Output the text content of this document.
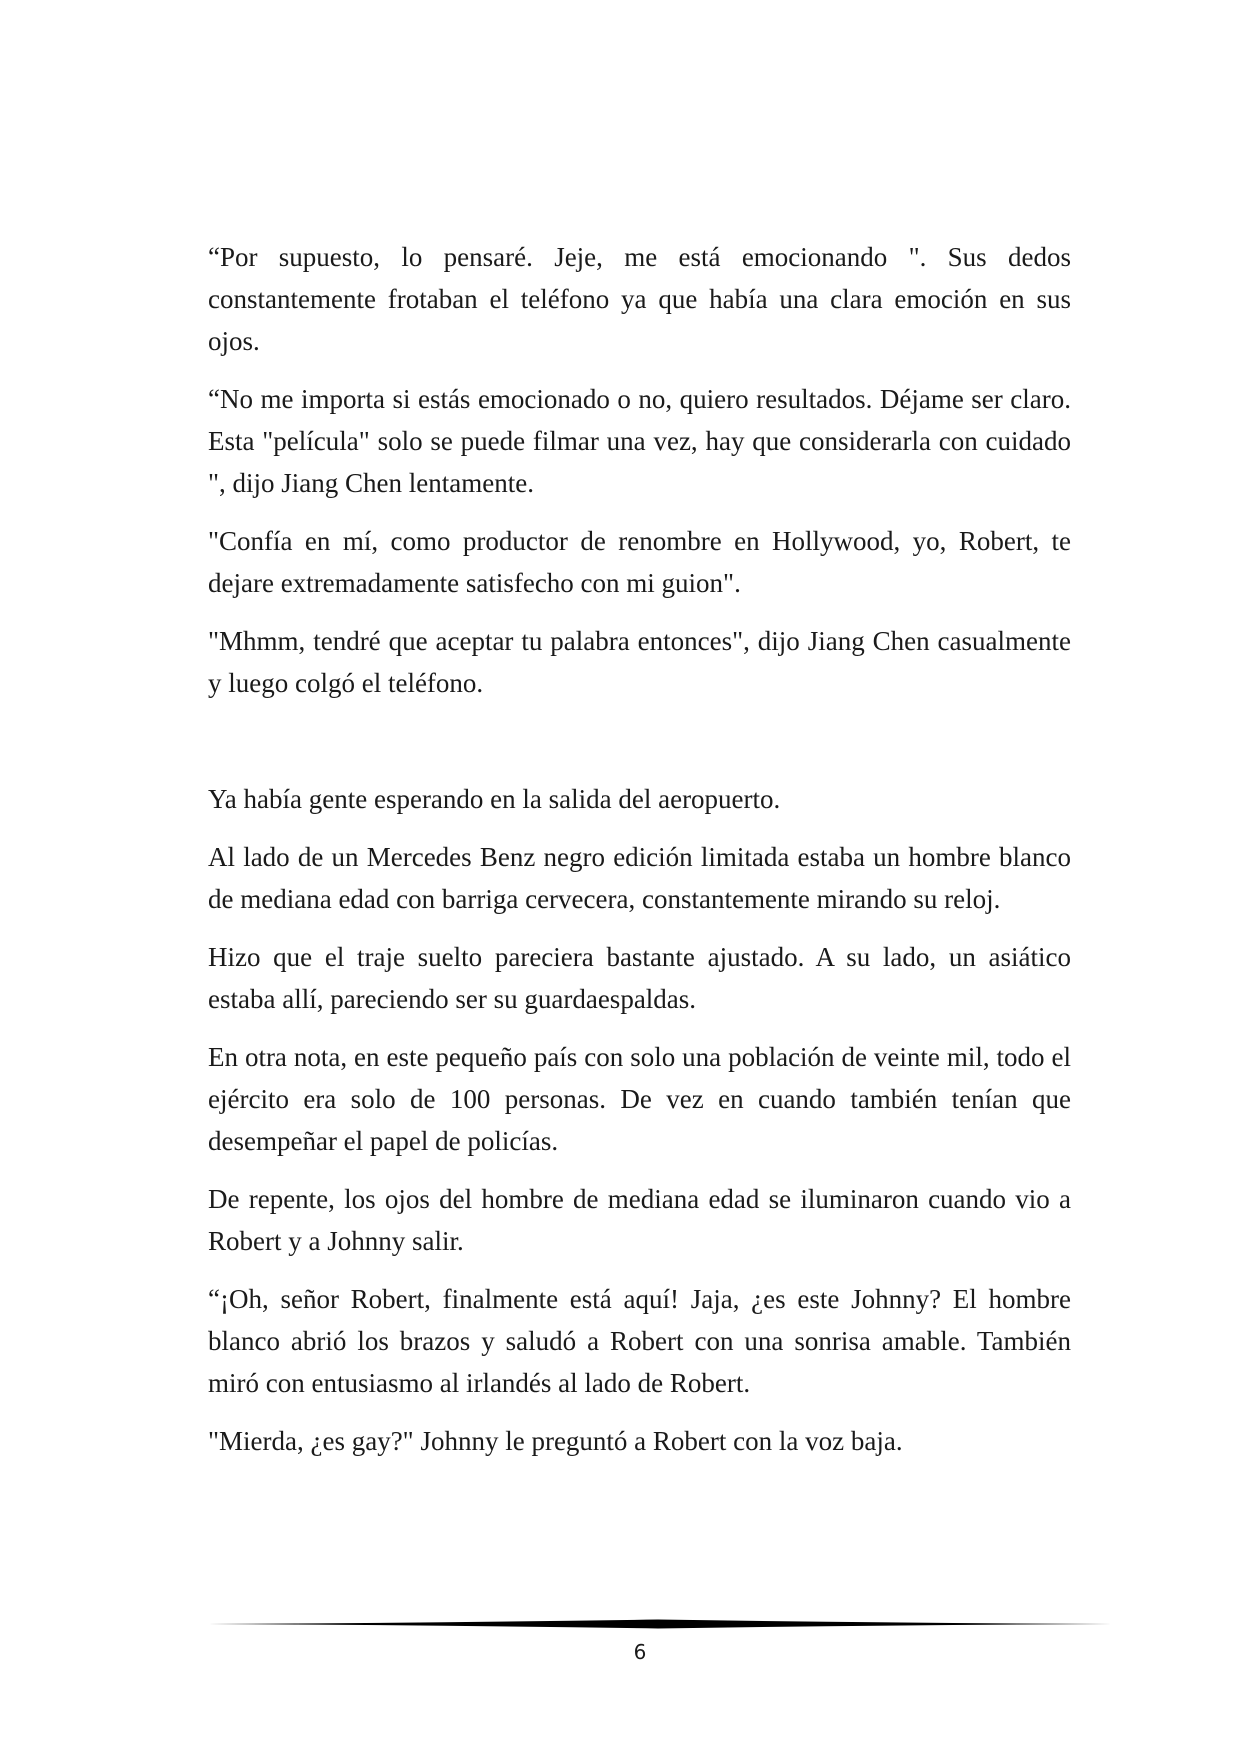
“Por supuesto, lo pensaré. Jeje, me está emocionando ". Sus dedos constantemente frotaban el teléfono ya que había una clara emoción en sus ojos.

“No me importa si estás emocionado o no, quiero resultados. Déjame ser claro. Esta "película" solo se puede filmar una vez, hay que considerarla con cuidado ", dijo Jiang Chen lentamente.

"Confía en mí, como productor de renombre en Hollywood, yo, Robert, te dejare extremadamente satisfecho con mi guion".

"Mhmm, tendré que aceptar tu palabra entonces", dijo Jiang Chen casualmente y luego colgó el teléfono.

Ya había gente esperando en la salida del aeropuerto.

Al lado de un Mercedes Benz negro edición limitada estaba un hombre blanco de mediana edad con barriga cervecera, constantemente mirando su reloj.

Hizo que el traje suelto pareciera bastante ajustado. A su lado, un asiático estaba allí, pareciendo ser su guardaespaldas.

En otra nota, en este pequeño país con solo una población de veinte mil, todo el ejército era solo de 100 personas. De vez en cuando también tenían que desempeñar el papel de policías.

De repente, los ojos del hombre de mediana edad se iluminaron cuando vio a Robert y a Johnny salir.

“¡Oh, señor Robert, finalmente está aquí! Jaja, ¿es este Johnny? El hombre blanco abrió los brazos y saludó a Robert con una sonrisa amable. También miró con entusiasmo al irlandés al lado de Robert.

"Mierda, ¿es gay?" Johnny le preguntó a Robert con la voz baja.

6
